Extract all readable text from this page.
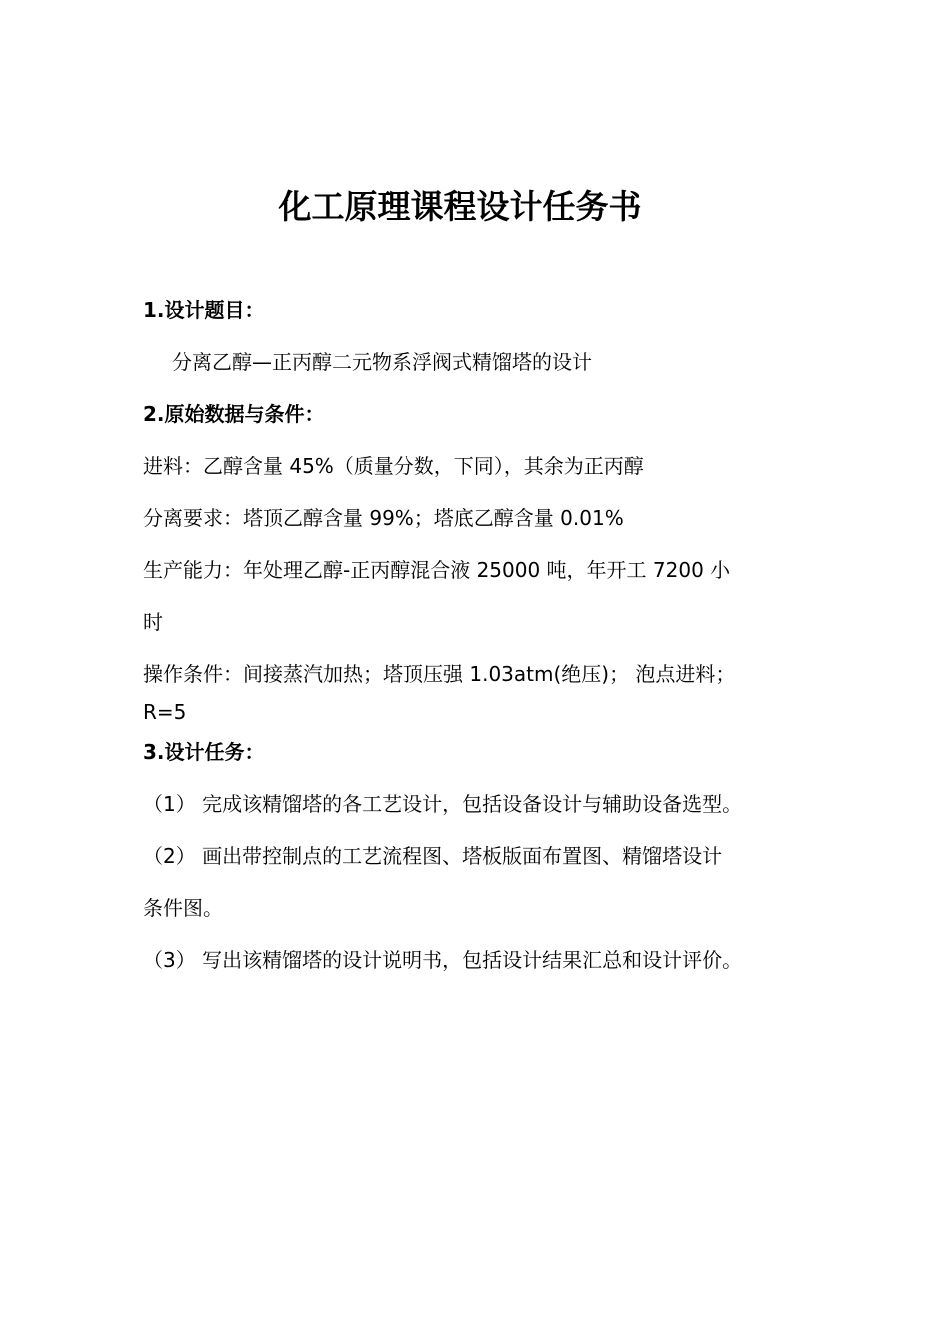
化工原理课程设计任务书
1.设计题目：
分离乙醇—正丙醇二元物系浮阀式精馏塔的设计
2.原始数据与条件：
进料：乙醇含量 45%（质量分数，下同），其余为正丙醇
分离要求：塔顶乙醇含量 99%；塔底乙醇含量 0.01%
生产能力：年处理乙醇-正丙醇混合液 25000 吨，年开工 7200 小
时
操作条件：间接蒸汽加热；塔顶压强 1.03atm(绝压)； 泡点进料；
R=5
3.设计任务：
（1） 完成该精馏塔的各工艺设计，包括设备设计与辅助设备选型。
（2） 画出带控制点的工艺流程图、塔板版面布置图、精馏塔设计
条件图。
（3） 写出该精馏塔的设计说明书，包括设计结果汇总和设计评价。
